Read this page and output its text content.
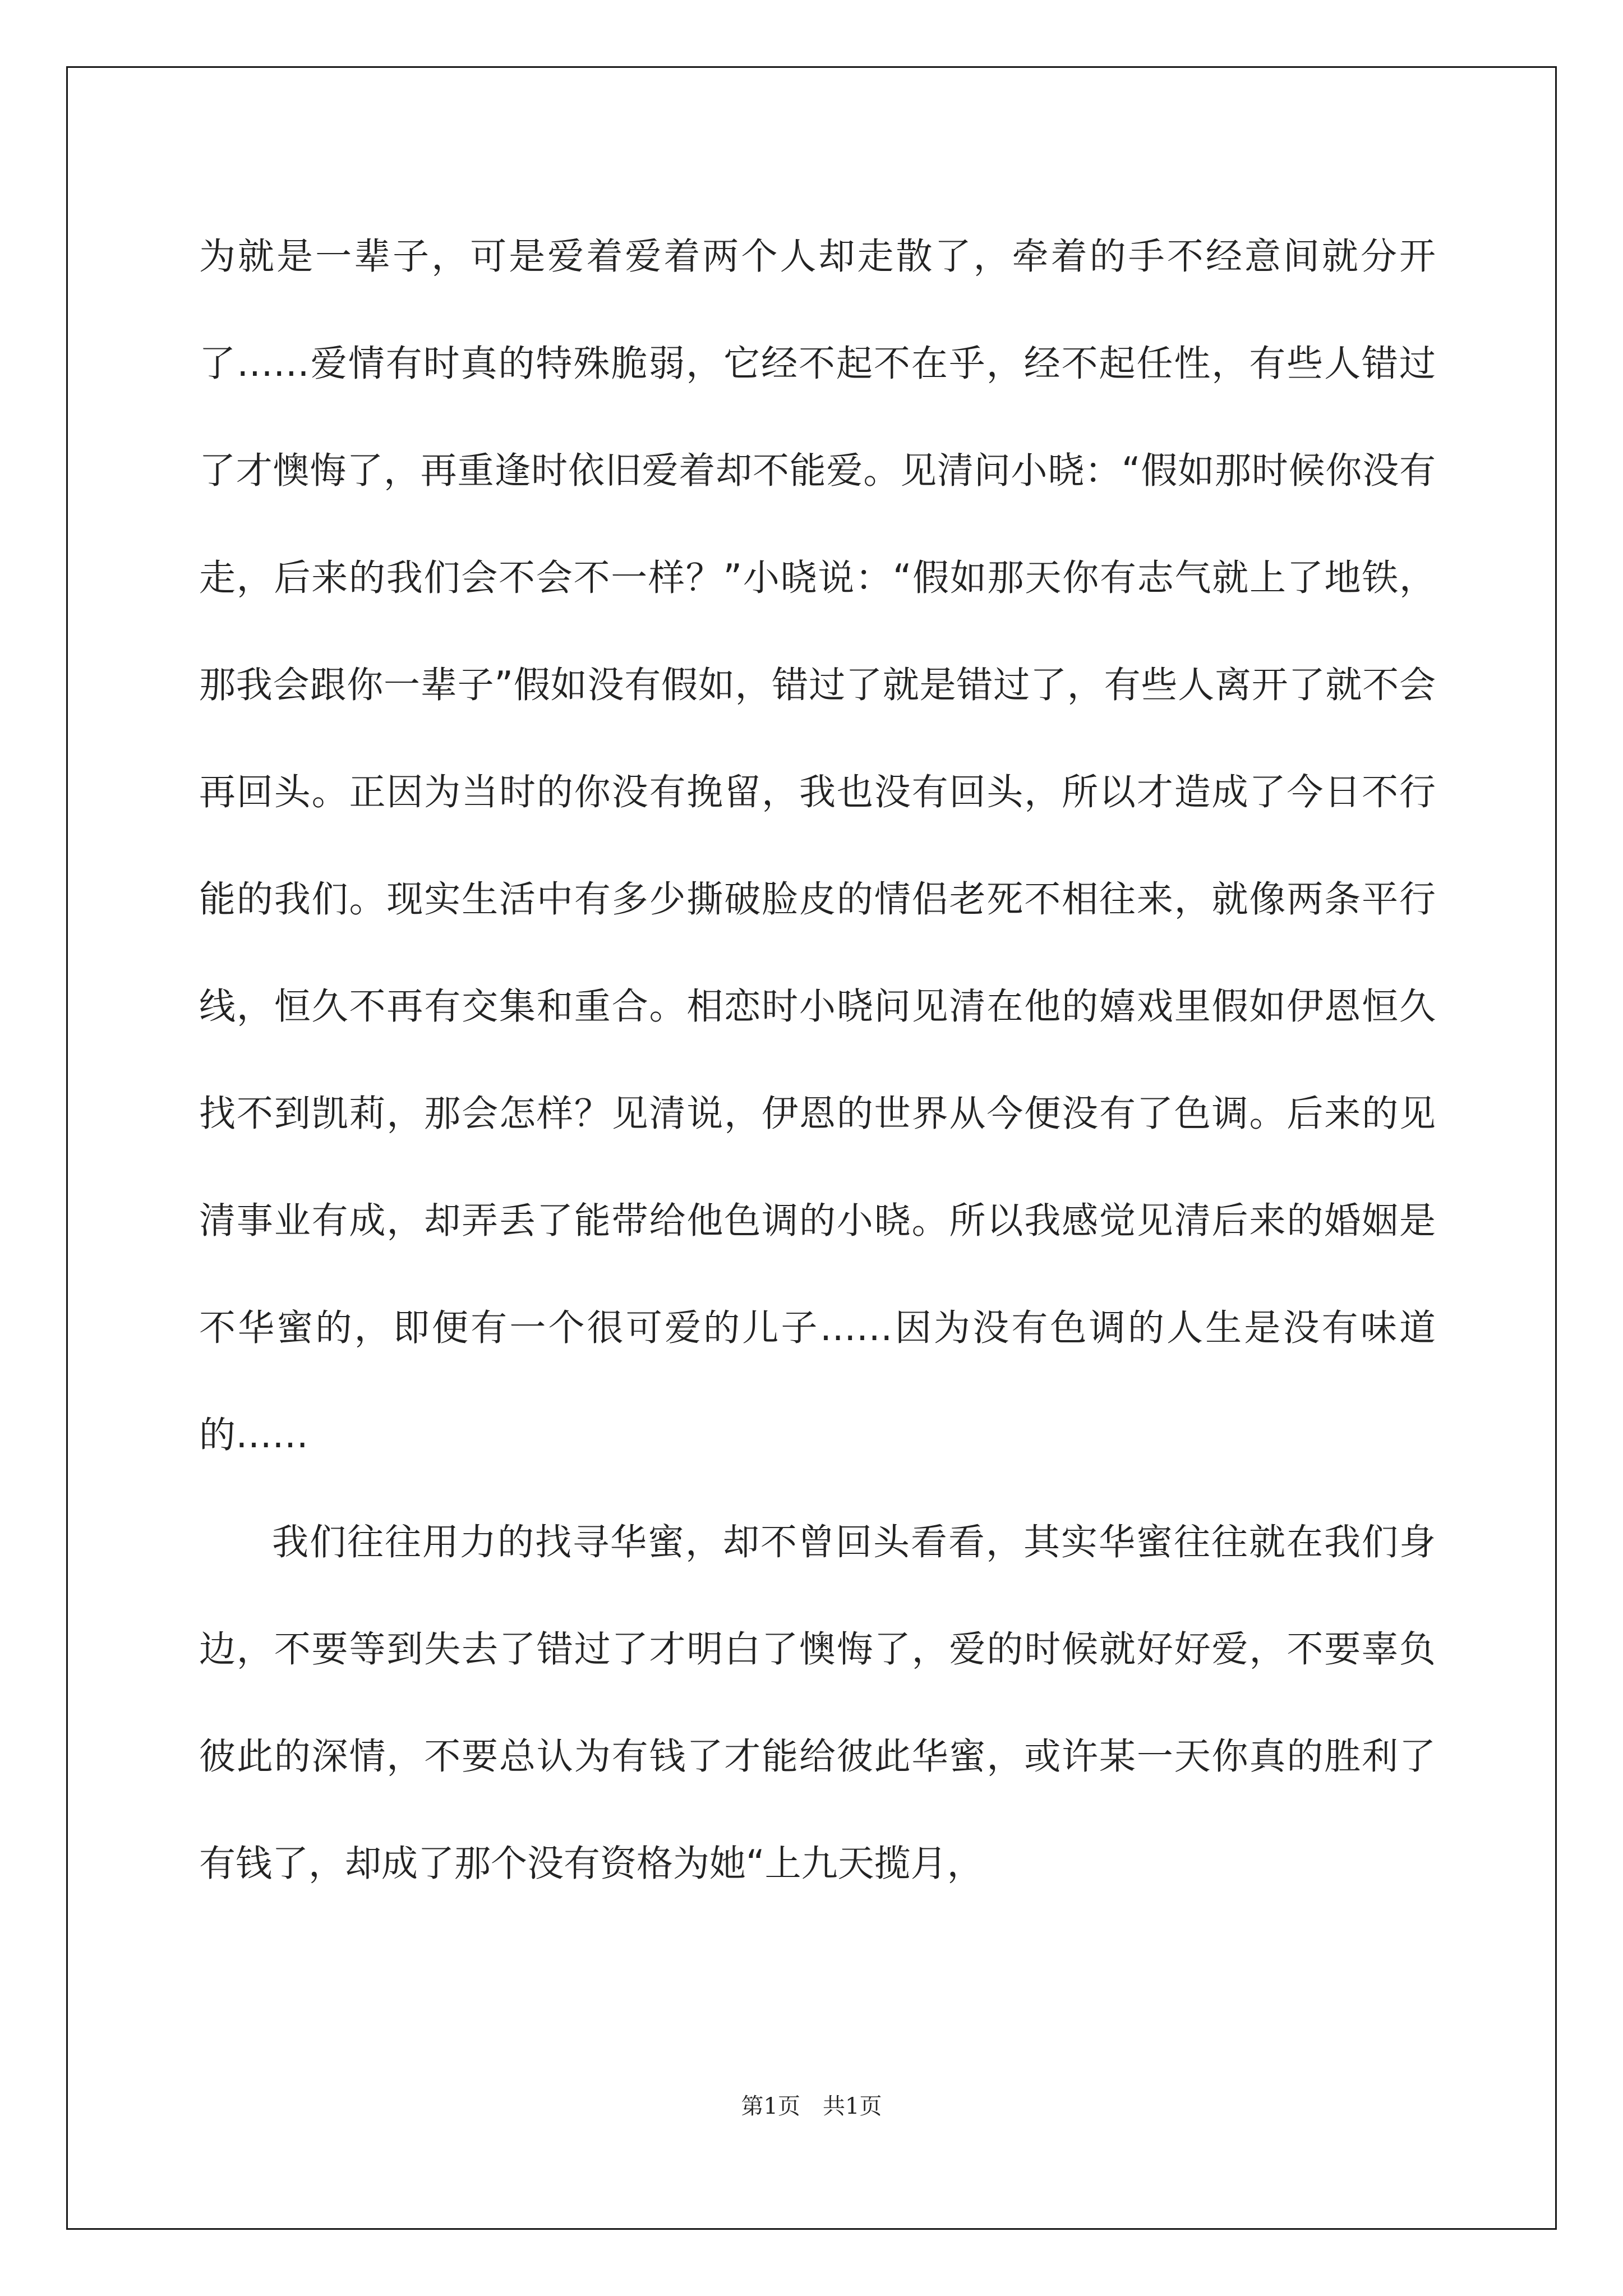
为就是一辈子，可是爱着爱着两个人却走散了，牵着的手不经意间就分开了……爱情有时真的特殊脆弱，它经不起不在乎，经不起任性，有些人错过了才懊悔了，再重逢时依旧爱着却不能爱。见清问小晓：“假如那时候你没有走，后来的我们会不会不一样？”小晓说：“假如那天你有志气就上了地铁，那我会跟你一辈子”假如没有假如，错过了就是错过了，有些人离开了就不会再回头。正因为当时的你没有挽留，我也没有回头，所以才造成了今日不行能的我们。现实生活中有多少撕破脸皮的情侣老死不相往来，就像两条平行线，恒久不再有交集和重合。相恋时小晓问见清在他的嬉戏里假如伊恩恒久找不到凯莉，那会怎样？见清说，伊恩的世界从今便没有了色调。后来的见清事业有成，却弄丢了能带给他色调的小晓。所以我感觉见清后来的婚姻是不华蜜的，即便有一个很可爱的儿子……因为没有色调的人生是没有味道的……

我们往往用力的找寻华蜜，却不曾回头看看，其实华蜜往往就在我们身边，不要等到失去了错过了才明白了懊悔了，爱的时候就好好爱，不要辜负彼此的深情，不要总认为有钱了才能给彼此华蜜，或许某一天你真的胜利了有钱了，却成了那个没有资格为她“上九天揽月，

第1页　共1页
